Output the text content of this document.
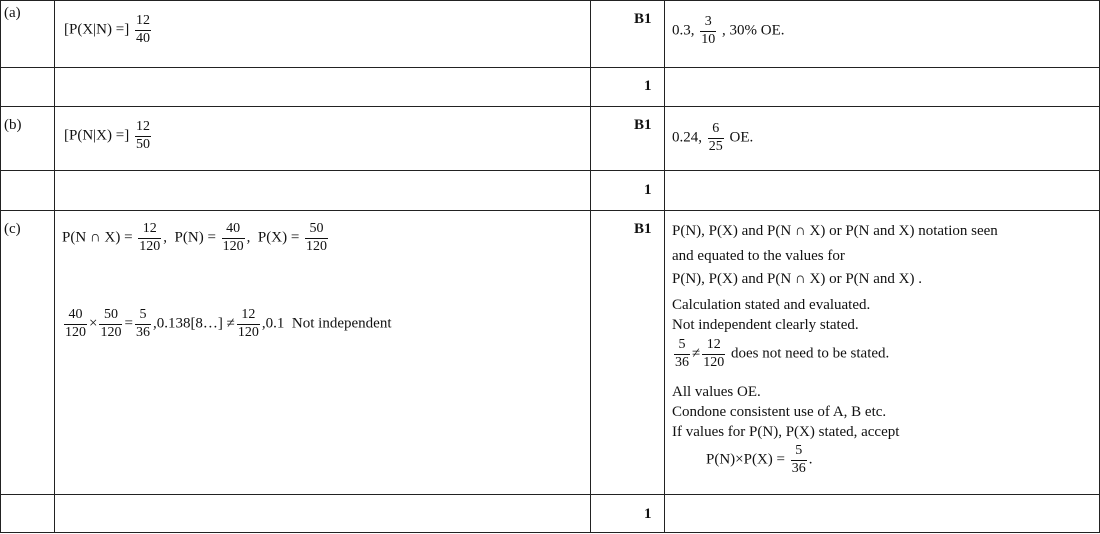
(a)
[P(X|N) =] $\frac{12}{40}$	B1
0.3, $\frac{3}{10}$ , 30% OE.
1
(b)
[P(N|X) =] $\frac{12}{50}$	B1
0.24, $\frac{6}{25}$ OE.
1
(c)
P(N ∩ $X) = \frac{12}{120}$ ,  $P(N) = \frac{40}{120}$ ,  $P(X) = \frac{50}{120}$
$\frac{40}{120} \times \frac{50}{120} = \frac{5}{36}$ ,0.138[8…] ≠ $\frac{12}{120} ,0.1$ Not independent
B1 P(N), P(X) and P(N ∩ X) or P(N and X) notation seen
and equated to the values for
P(N), P(X) and P(N ∩ X) or P(N and X) .
Calculation stated and evaluated.
Not independent clearly stated.
$\frac{5}{36} \ne \frac{12}{120}$ does not need to be stated.
All values OE.
Condone consistent use of A, B etc.
If values for P(N), P(X) stated, accept
$P(N)\times P(X) = \frac{5}{36}$ .
1
